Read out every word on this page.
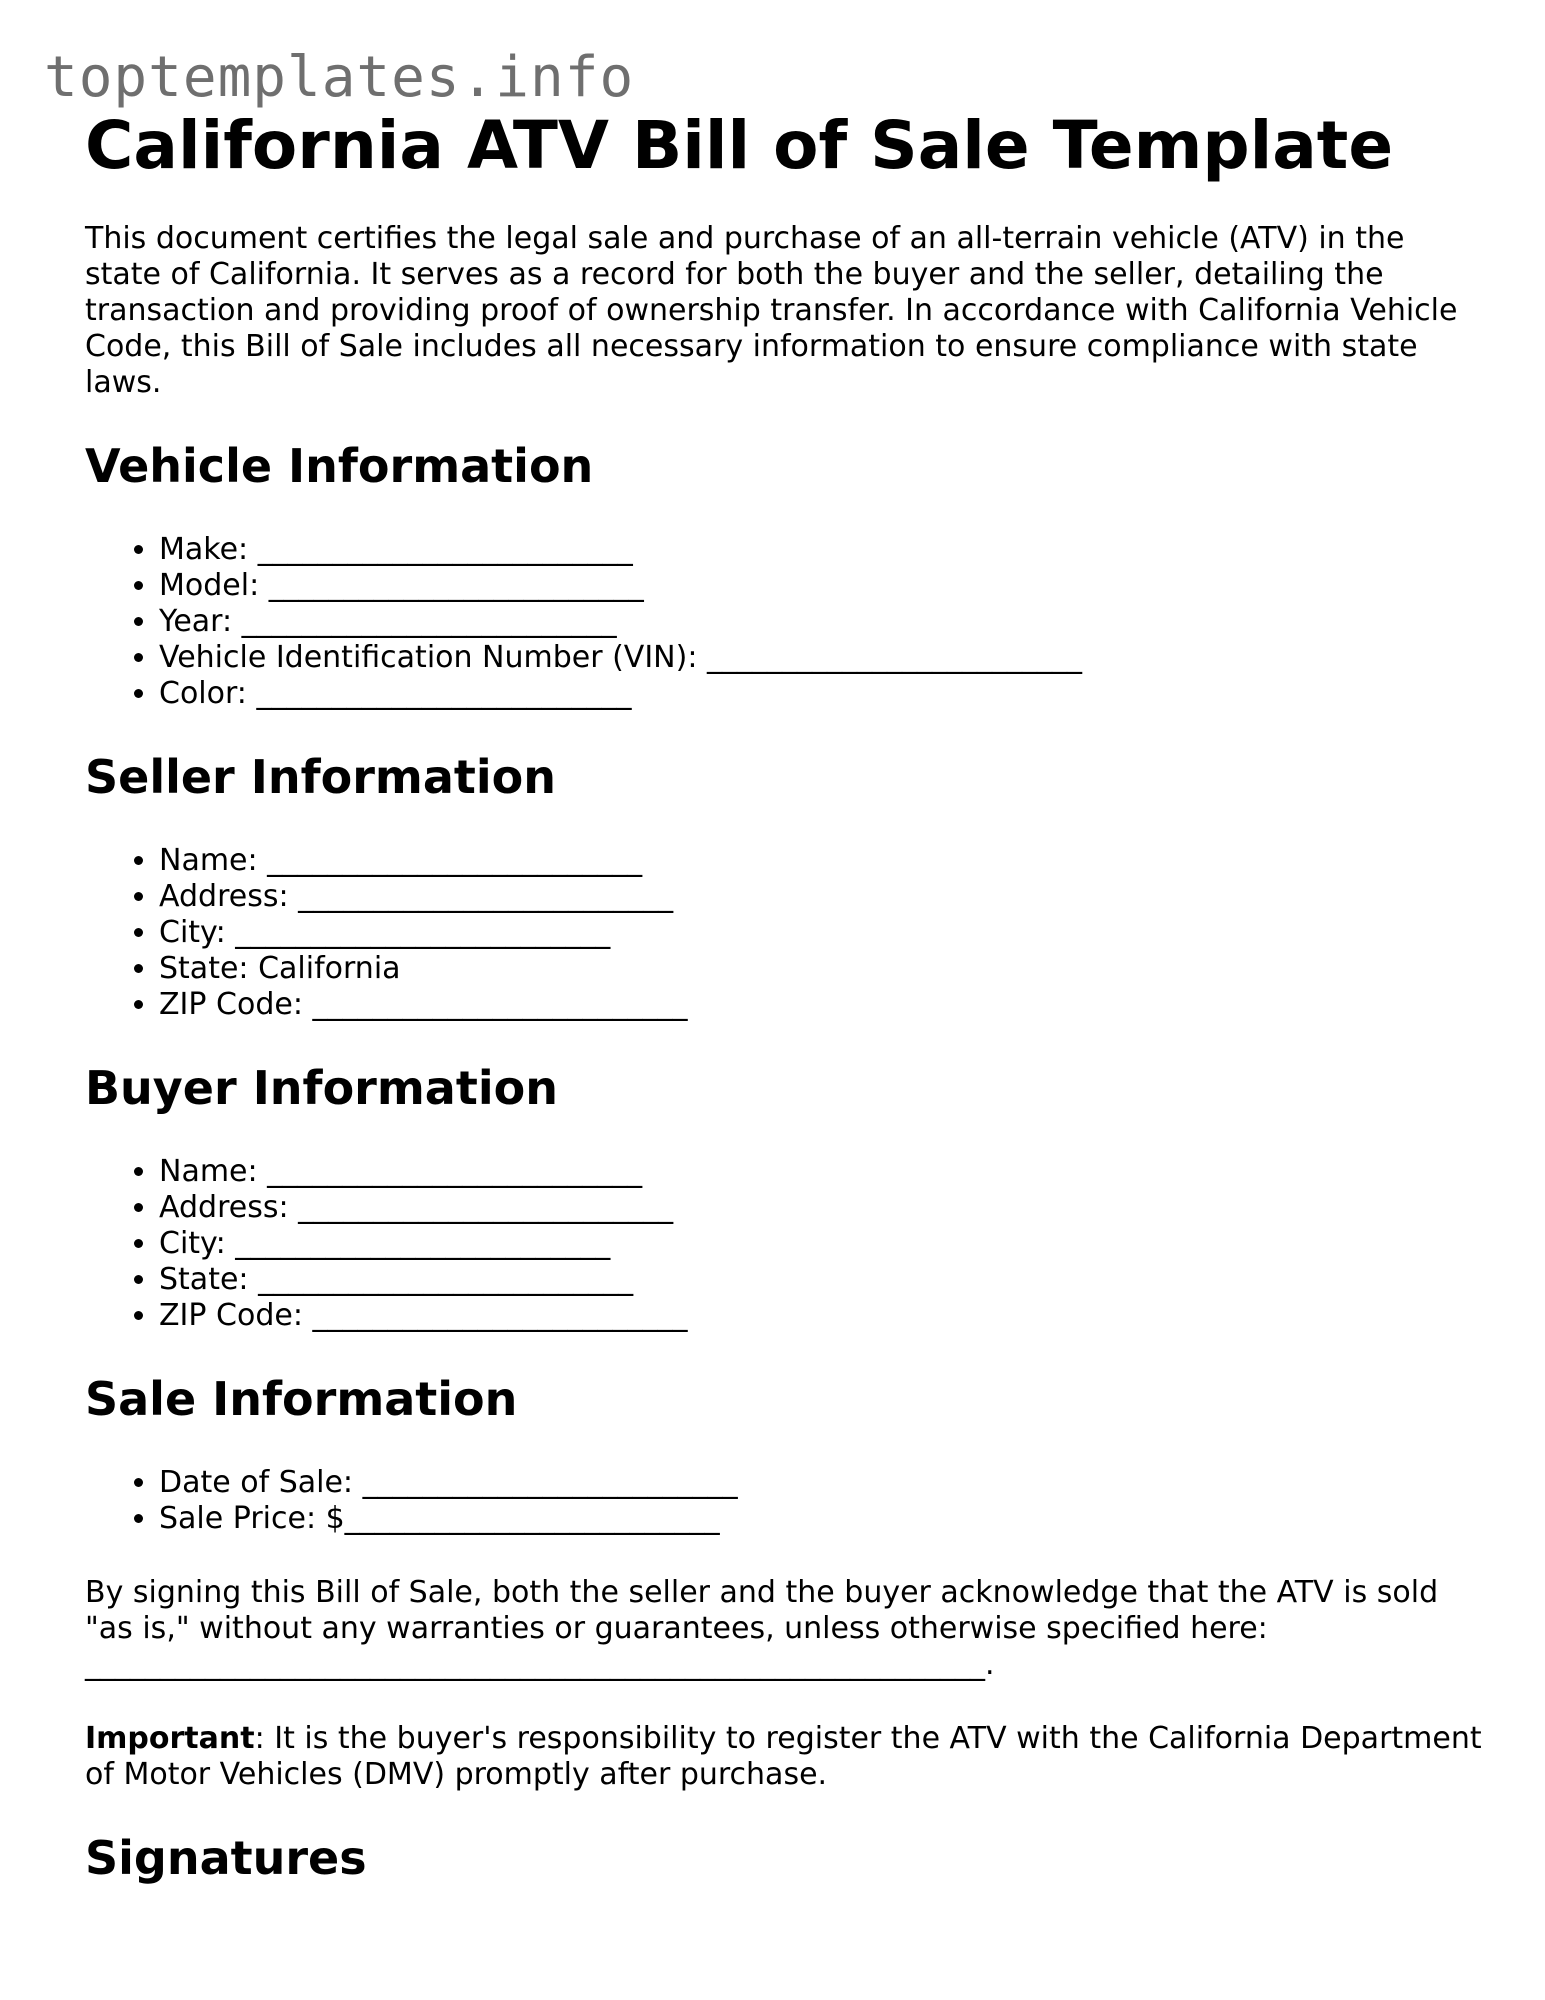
toptemplates.info
California ATV Bill of Sale Template

This document certifies the legal sale and purchase of an all-terrain vehicle (ATV) in the state of California. It serves as a record for both the buyer and the seller, detailing the transaction and providing proof of ownership transfer. In accordance with California Vehicle Code, this Bill of Sale includes all necessary information to ensure compliance with state laws.

Vehicle Information
• Make: _________________________
• Model: _________________________
• Year: _________________________
• Vehicle Identification Number (VIN): _________________________
• Color: _________________________
Seller Information
• Name: _________________________
• Address: _________________________
• City: _________________________
• State: California
• ZIP Code: _________________________
Buyer Information
• Name: _________________________
• Address: _________________________
• City: _________________________
• State: _________________________
• ZIP Code: _________________________
Sale Information
• Date of Sale: _________________________
• Sale Price: $_________________________

By signing this Bill of Sale, both the seller and the buyer acknowledge that the ATV is sold "as is," without any warranties or guarantees, unless otherwise specified here:
____________________________________________________________.

Important: It is the buyer's responsibility to register the ATV with the California Department of Motor Vehicles (DMV) promptly after purchase.

Signatures
